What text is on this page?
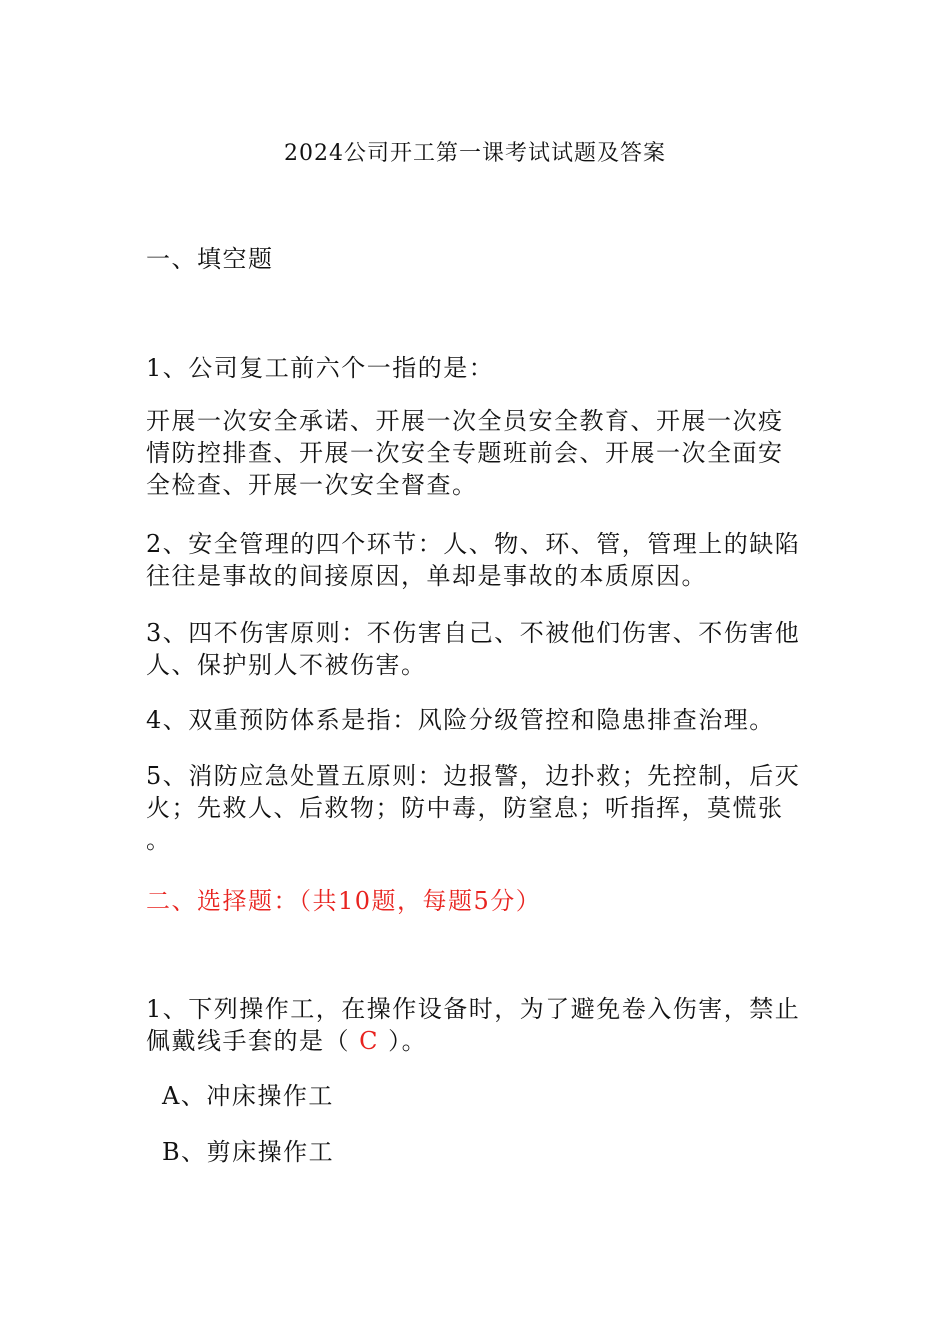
2024公司开工第一课考试试题及答案
一、填空题
1、公司复工前六个一指的是：
开展一次安全承诺、开展一次全员安全教育、开展一次疫
情防控排查、开展一次安全专题班前会、开展一次全面安
全检查、开展一次安全督查。
2、安全管理的四个环节：人、物、环、管，管理上的缺陷
往往是事故的间接原因，单却是事故的本质原因。
3、四不伤害原则：不伤害自己、不被他们伤害、不伤害他
人、保护别人不被伤害。
4、双重预防体系是指：风险分级管控和隐患排查治理。
5、消防应急处置五原则：边报警，边扑救；先控制，后灭
火；先救人、后救物；防中毒，防窒息；听指挥，莫慌张
。
二、选择题：（共10题，每题5分）
1、下列操作工，在操作设备时，为了避免卷入伤害，禁止
佩戴线手套的是（ C ）。
A、冲床操作工
B、剪床操作工
